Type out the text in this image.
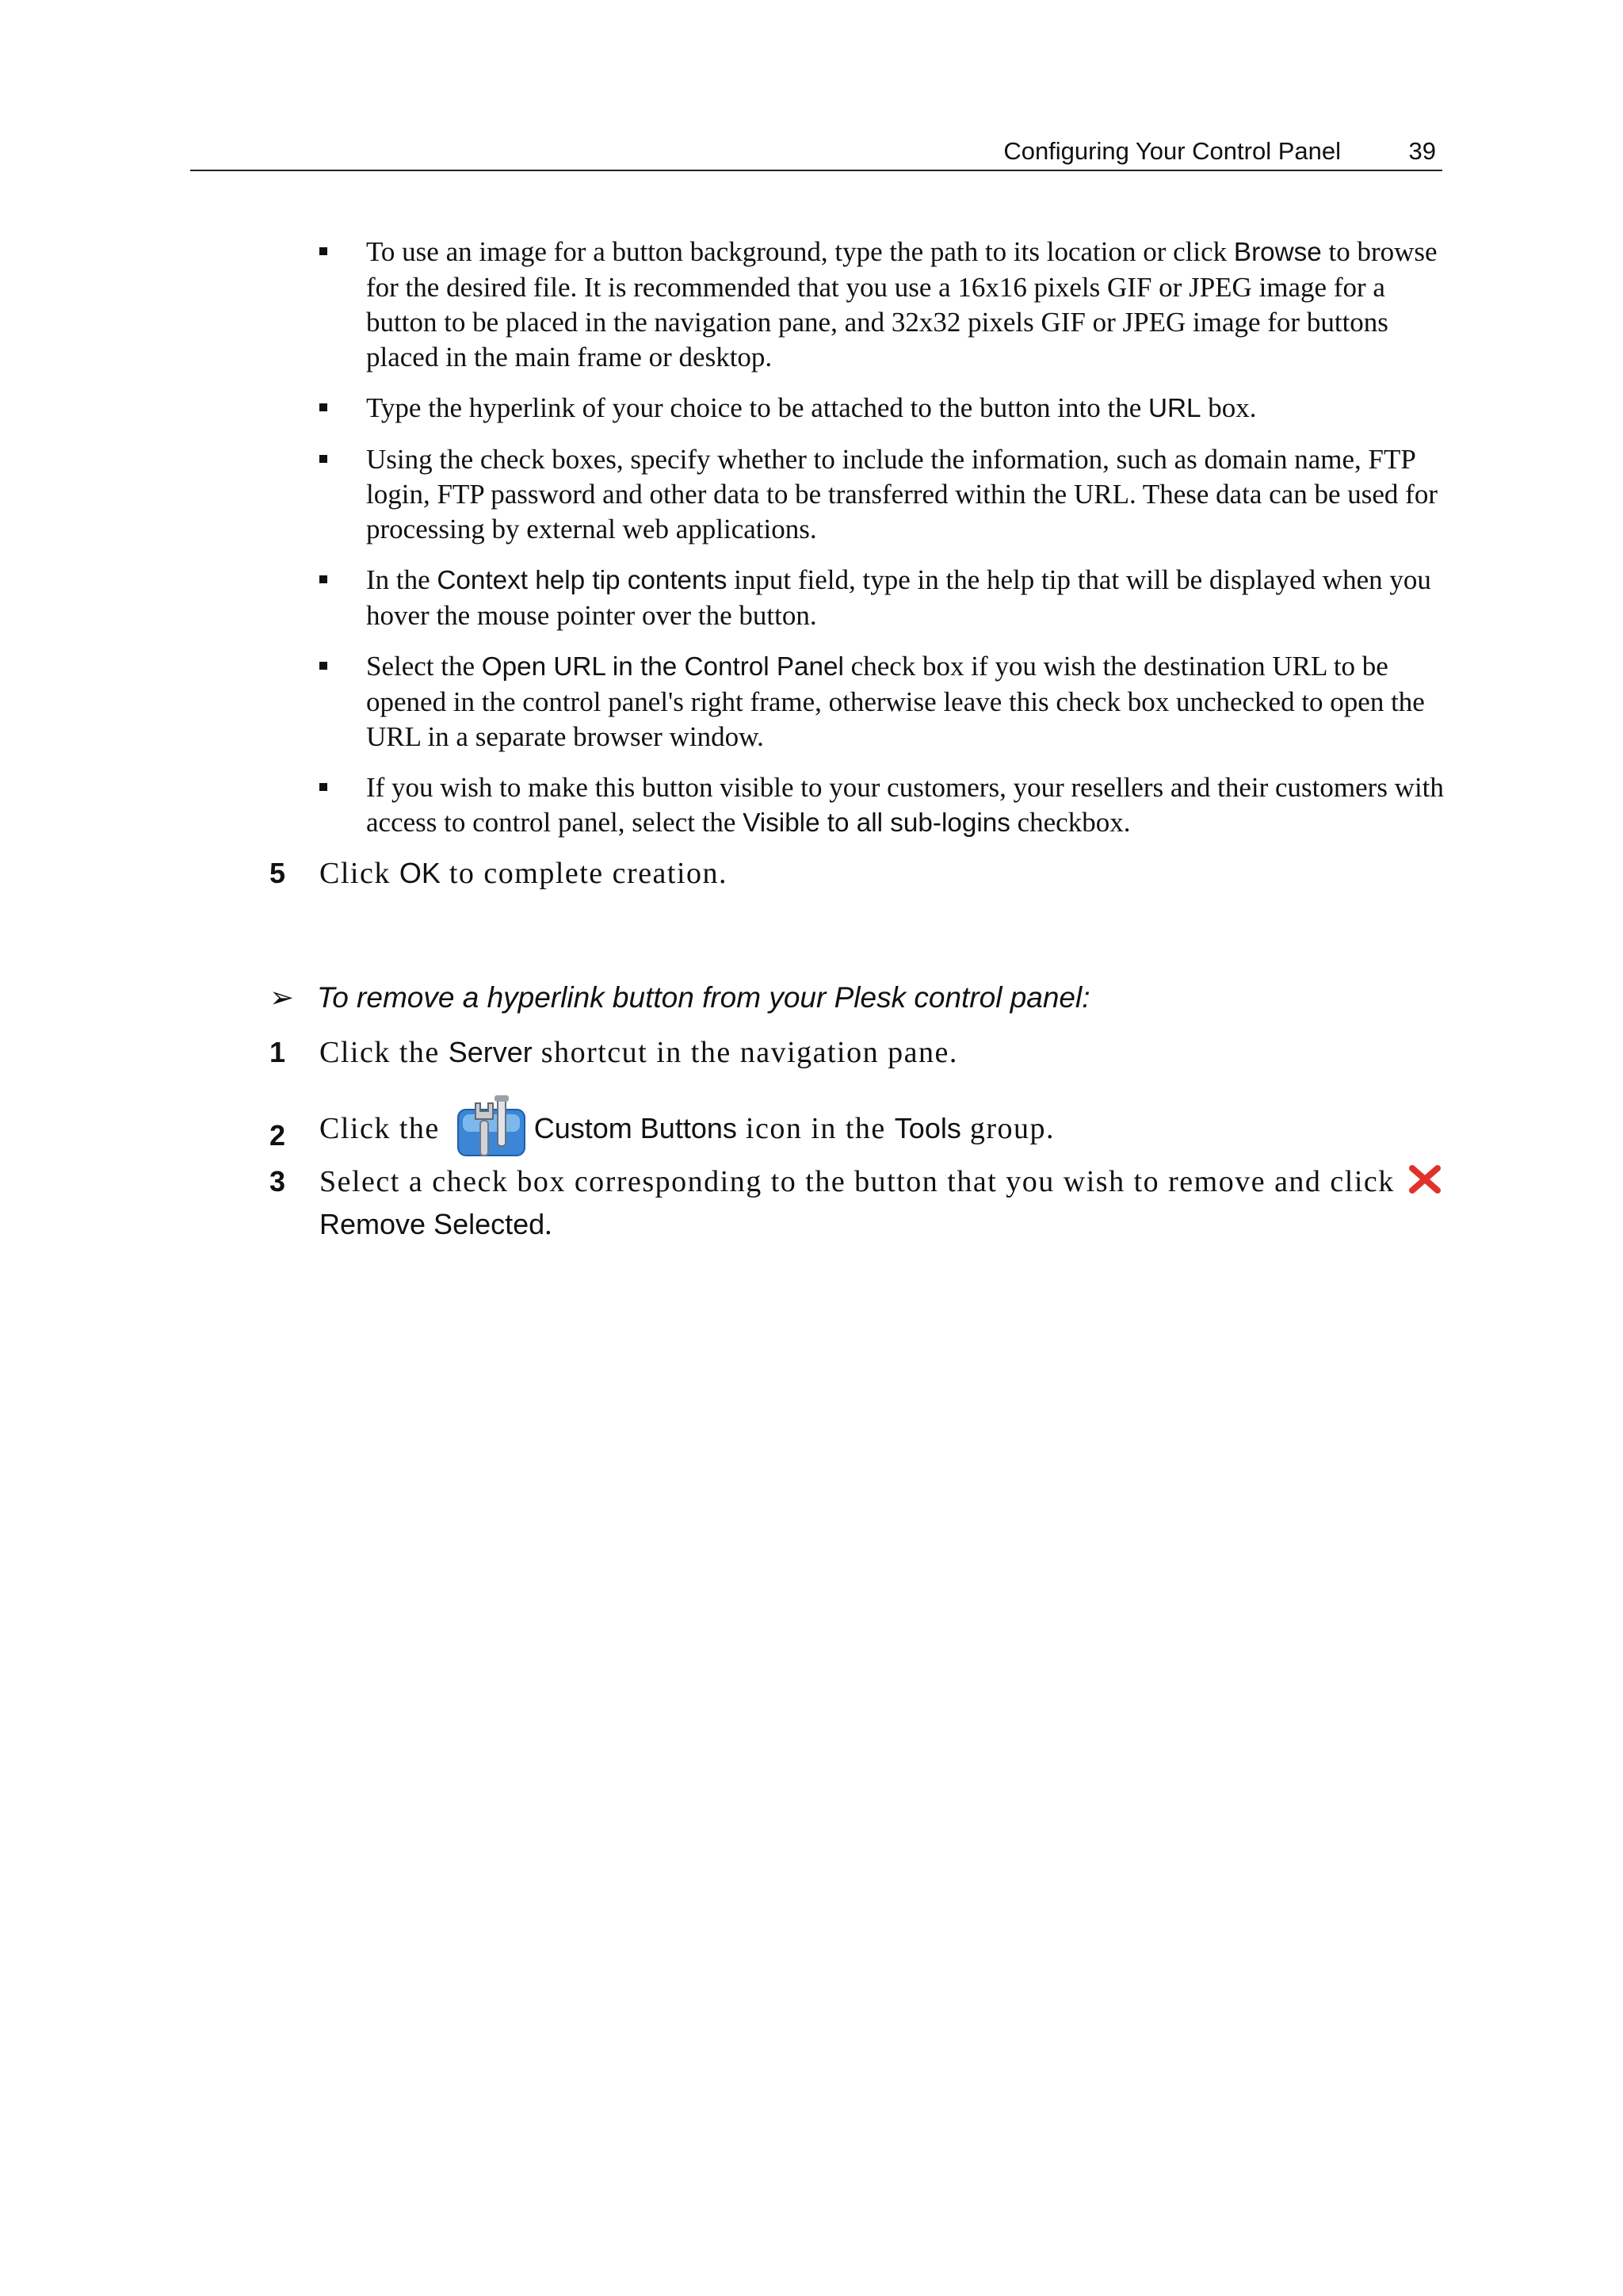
Configuring Your Control Panel	39
To use an image for a button background, type the path to its location or click Browse to browse for the desired file. It is recommended that you use a 16x16 pixels GIF or JPEG image for a button to be placed in the navigation pane, and 32x32 pixels GIF or JPEG image for buttons placed in the main frame or desktop.
Type the hyperlink of your choice to be attached to the button into the URL box.
Using the check boxes, specify whether to include the information, such as domain name, FTP login, FTP password and other data to be transferred within the URL. These data can be used for processing by external web applications.
In the Context help tip contents input field, type in the help tip that will be displayed when you hover the mouse pointer over the button.
Select the Open URL in the Control Panel check box if you wish the destination URL to be opened in the control panel's right frame, otherwise leave this check box unchecked to open the URL in a separate browser window.
If you wish to make this button visible to your customers, your resellers and their customers with access to control panel, select the Visible to all sub-logins checkbox.
5 Click OK to complete creation.
➢ To remove a hyperlink button from your Plesk control panel:
1 Click the Server shortcut in the navigation pane.
2 Click the	Custom Buttons icon in the Tools group.
3 Select a check box corresponding to the button that you wish to remove and click Remove Selected.
